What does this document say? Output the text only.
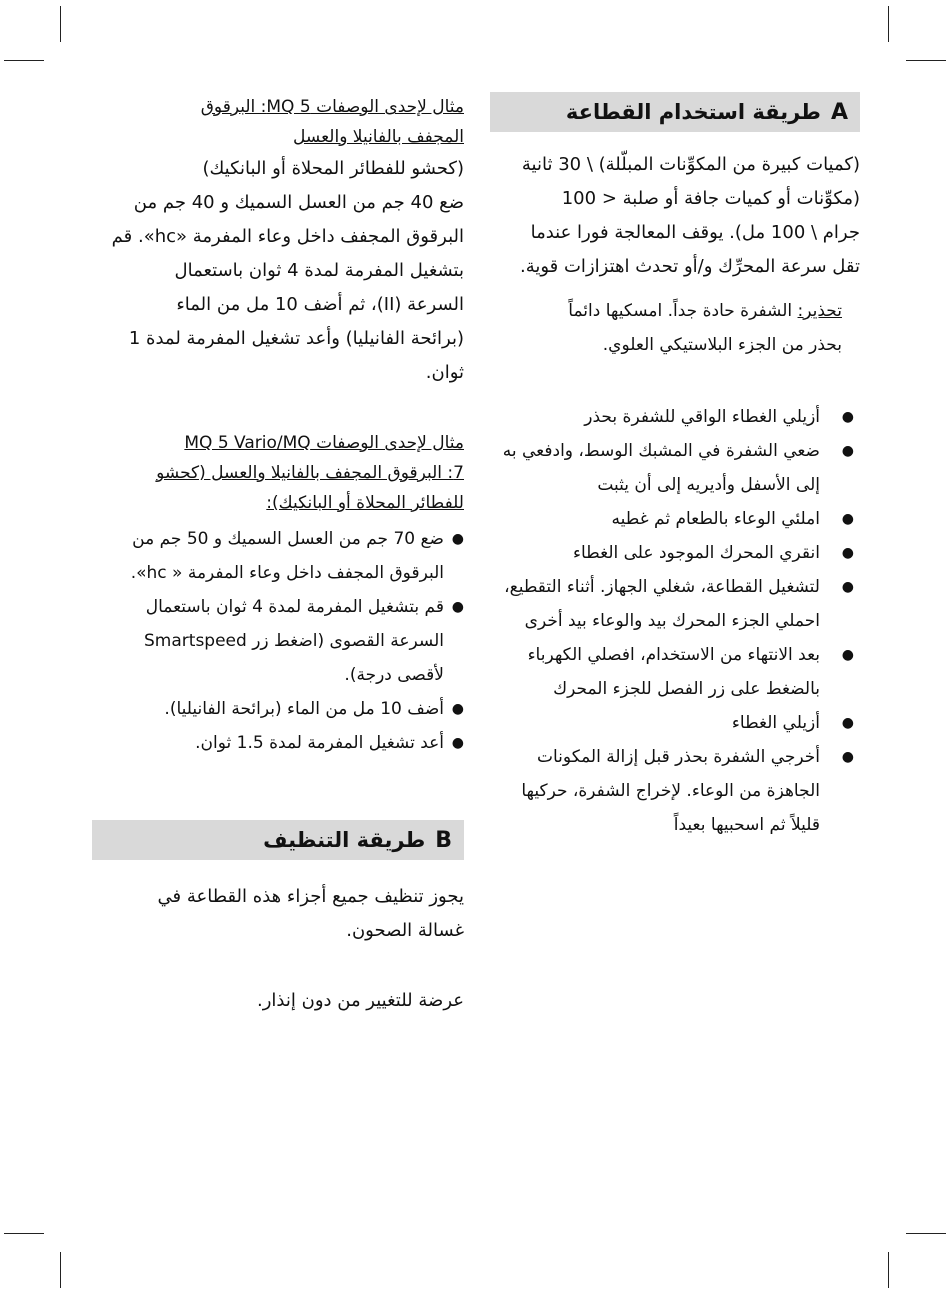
A
طريقة استخدام القطاعة

(كميات كبيرة من المكوِّنات المبلّلة) \ 30 ثانية

(مكوِّنات أو كميات جافة أو صلبة < 100

جرام \ 100 مل). يوقف المعالجة فورا عندما

تقل سرعة المحرِّك و/أو تحدث اهتزازات قوية.

تحذير: الشفرة حادة جداً. امسكيها دائماً

بحذر من الجزء البلاستيكي العلوي.

●
أزيلي الغطاء الواقي للشفرة بحذر
●
ضعي الشفرة في المشبك الوسط، وادفعي به إلى الأسفل وأديريه إلى أن يثبت
●
املئي الوعاء بالطعام ثم غطيه
●
انقري المحرك الموجود على الغطاء
●
لتشغيل القطاعة، شغلي الجهاز. أثناء التقطيع، احملي الجزء المحرك بيد والوعاء بيد أخرى
●
بعد الانتهاء من الاستخدام، افصلي الكهرباء بالضغط على زر الفصل للجزء المحرك
●
أزيلي الغطاء
●
أخرجي الشفرة بحذر قبل إزالة المكونات الجاهزة من الوعاء. لإخراج الشفرة، حركيها قليلاً ثم اسحبيها بعيداً

مثال لإحدى الوصفات MQ 5: البرقوق

المجفف بالفانيلا والعسل

(كحشو للفطائر المحلاة أو البانكيك)

ضع 40 جم من العسل السميك و 40 جم من

البرقوق المجفف داخل وعاء المفرمة «hc». قم

بتشغيل المفرمة لمدة 4 ثوان باستعمال

السرعة (II)، ثم أضف 10 مل من الماء

(برائحة الفانيليا) وأعد تشغيل المفرمة لمدة 1

ثوان.

مثال لإحدى الوصفات MQ 5 Vario/MQ

7: البرقوق المجفف بالفانيلا والعسل (كحشو

للفطائر المحلاة أو البانكيك):

●
ضع 70 جم من العسل السميك و 50 جم من البرقوق المجفف داخل وعاء المفرمة « hc».
●
قم بتشغيل المفرمة لمدة 4 ثوان باستعمال السرعة القصوى (اضغط زر Smartspeed لأقصى درجة).
●
أضف 10 مل من الماء (برائحة الفانيليا).
●
أعد تشغيل المفرمة لمدة 1.5 ثوان.
B
طريقة التنظيف

يجوز تنظيف جميع أجزاء هذه القطاعة في

غسالة الصحون.

عرضة للتغيير من دون إنذار.
